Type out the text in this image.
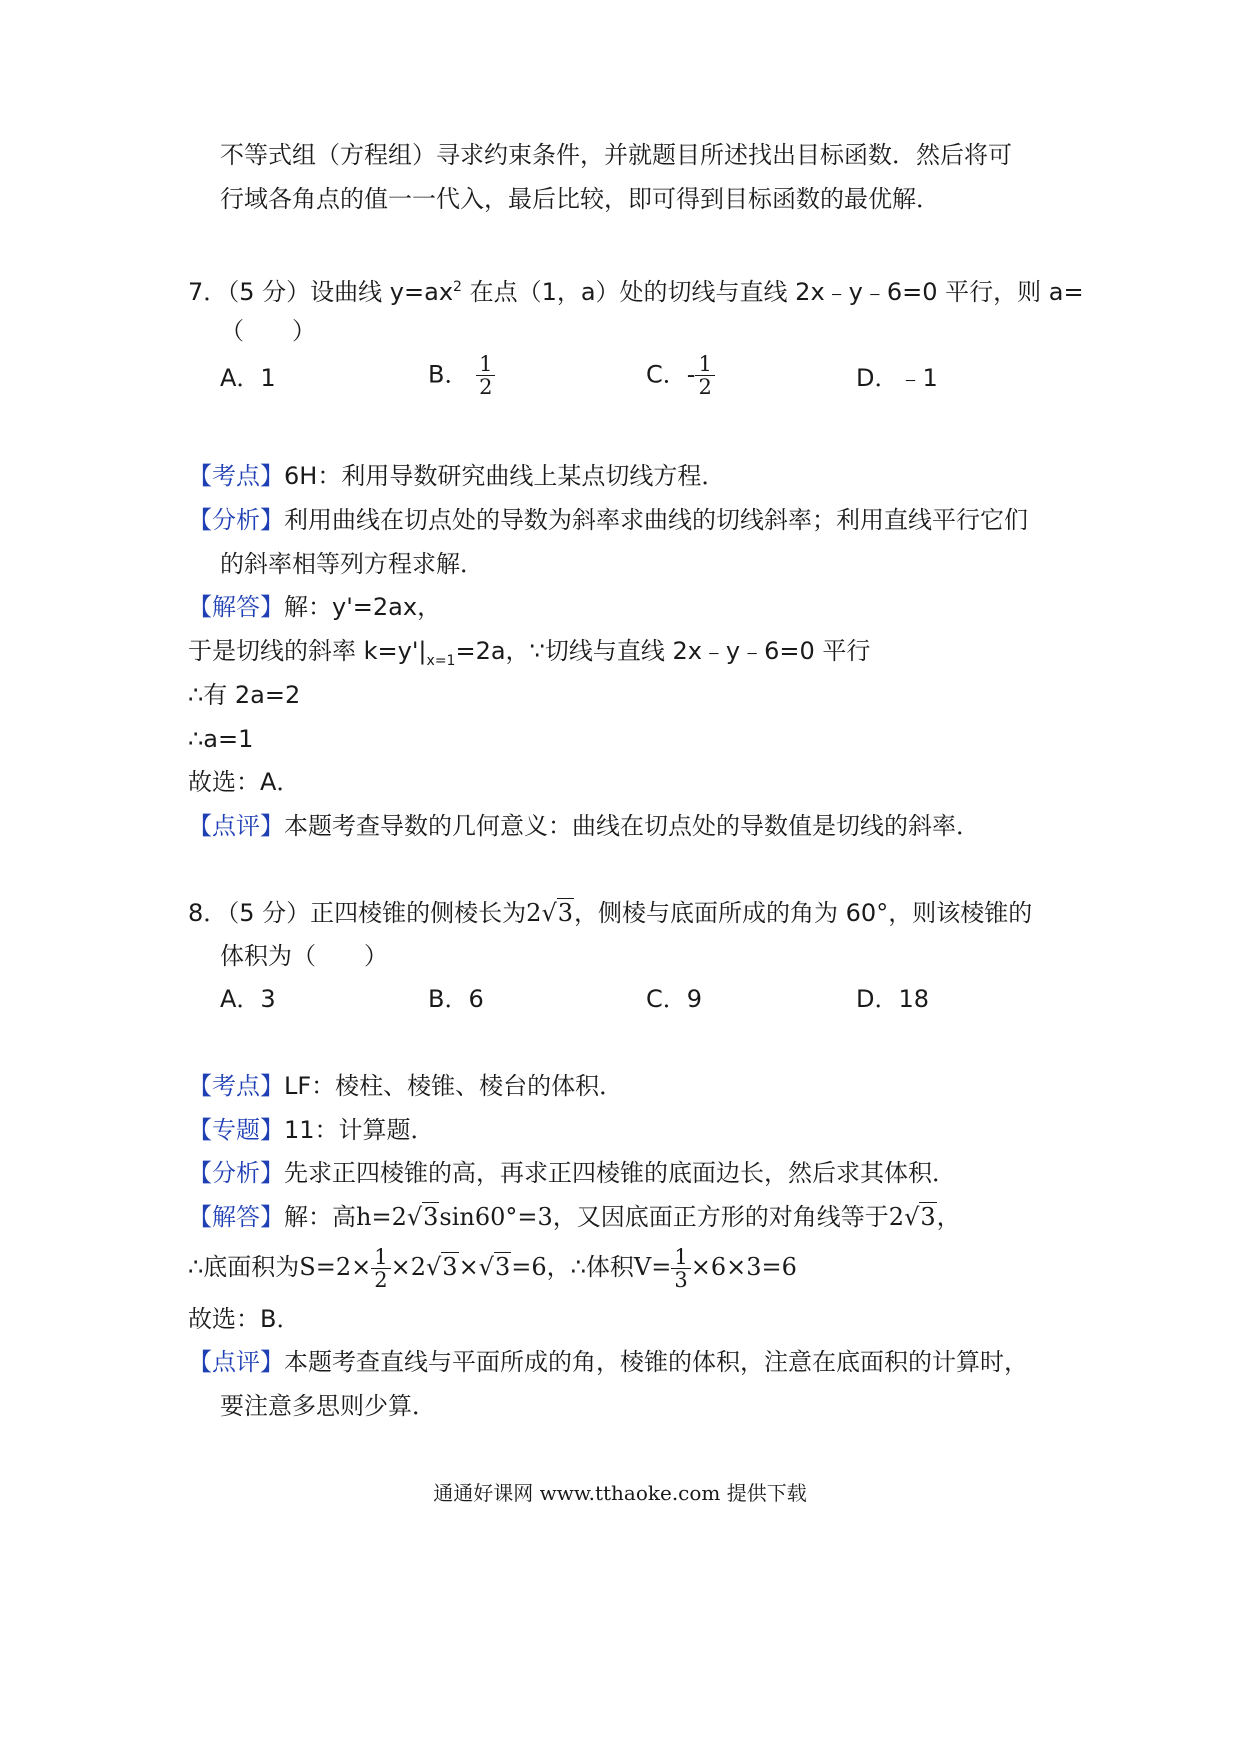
不等式组（方程组）寻求约束条件，并就题目所述找出目标函数．然后将可
行域各角点的值一一代入，最后比较，即可得到目标函数的最优解．
7．（5 分）设曲线 $y=ax^2$ 在点（1，a）处的切线与直线 2x﹣y﹣6=0 平行，则 a=
（　　）
A．1	B． $\frac{1}{2}$	C．- $\frac{1}{2}$	D．﹣1
【考点】6H：利用导数研究曲线上某点切线方程．
【分析】利用曲线在切点处的导数为斜率求曲线的切线斜率；利用直线平行它们
的斜率相等列方程求解．
【解答】解：y'=2ax，
于是切线的斜率 $k=y'|_{x=1}=2a$，∵切线与直线 2x﹣y﹣6=0 平行
∴有 2a=2
∴a=1
故选：A．
【点评】本题考查导数的几何意义：曲线在切点处的导数值是切线的斜率．
8．（5 分）正四棱锥的侧棱长为2√3，侧棱与底面所成的角为 60°，则该棱锥的
体积为（　　）
A．3	B．6	C．9	D．18
【考点】LF：棱柱、棱锥、棱台的体积．
【专题】11：计算题．
【分析】先求正四棱锥的高，再求正四棱锥的底面边长，然后求其体积．
【解答】解：高h=2√3sin60°=3，又因底面正方形的对角线等于2√3，
∴底面积为$S=2\times \frac{1}{2} \times 2√3\times√3=6$，∴体积$V= \frac{1}{3} \times 6\times 3=6$
故选：B．
【点评】本题考查直线与平面所成的角，棱锥的体积，注意在底面积的计算时，
要注意多思则少算．
通通好课网 www.tthaoke.com 提供下载
